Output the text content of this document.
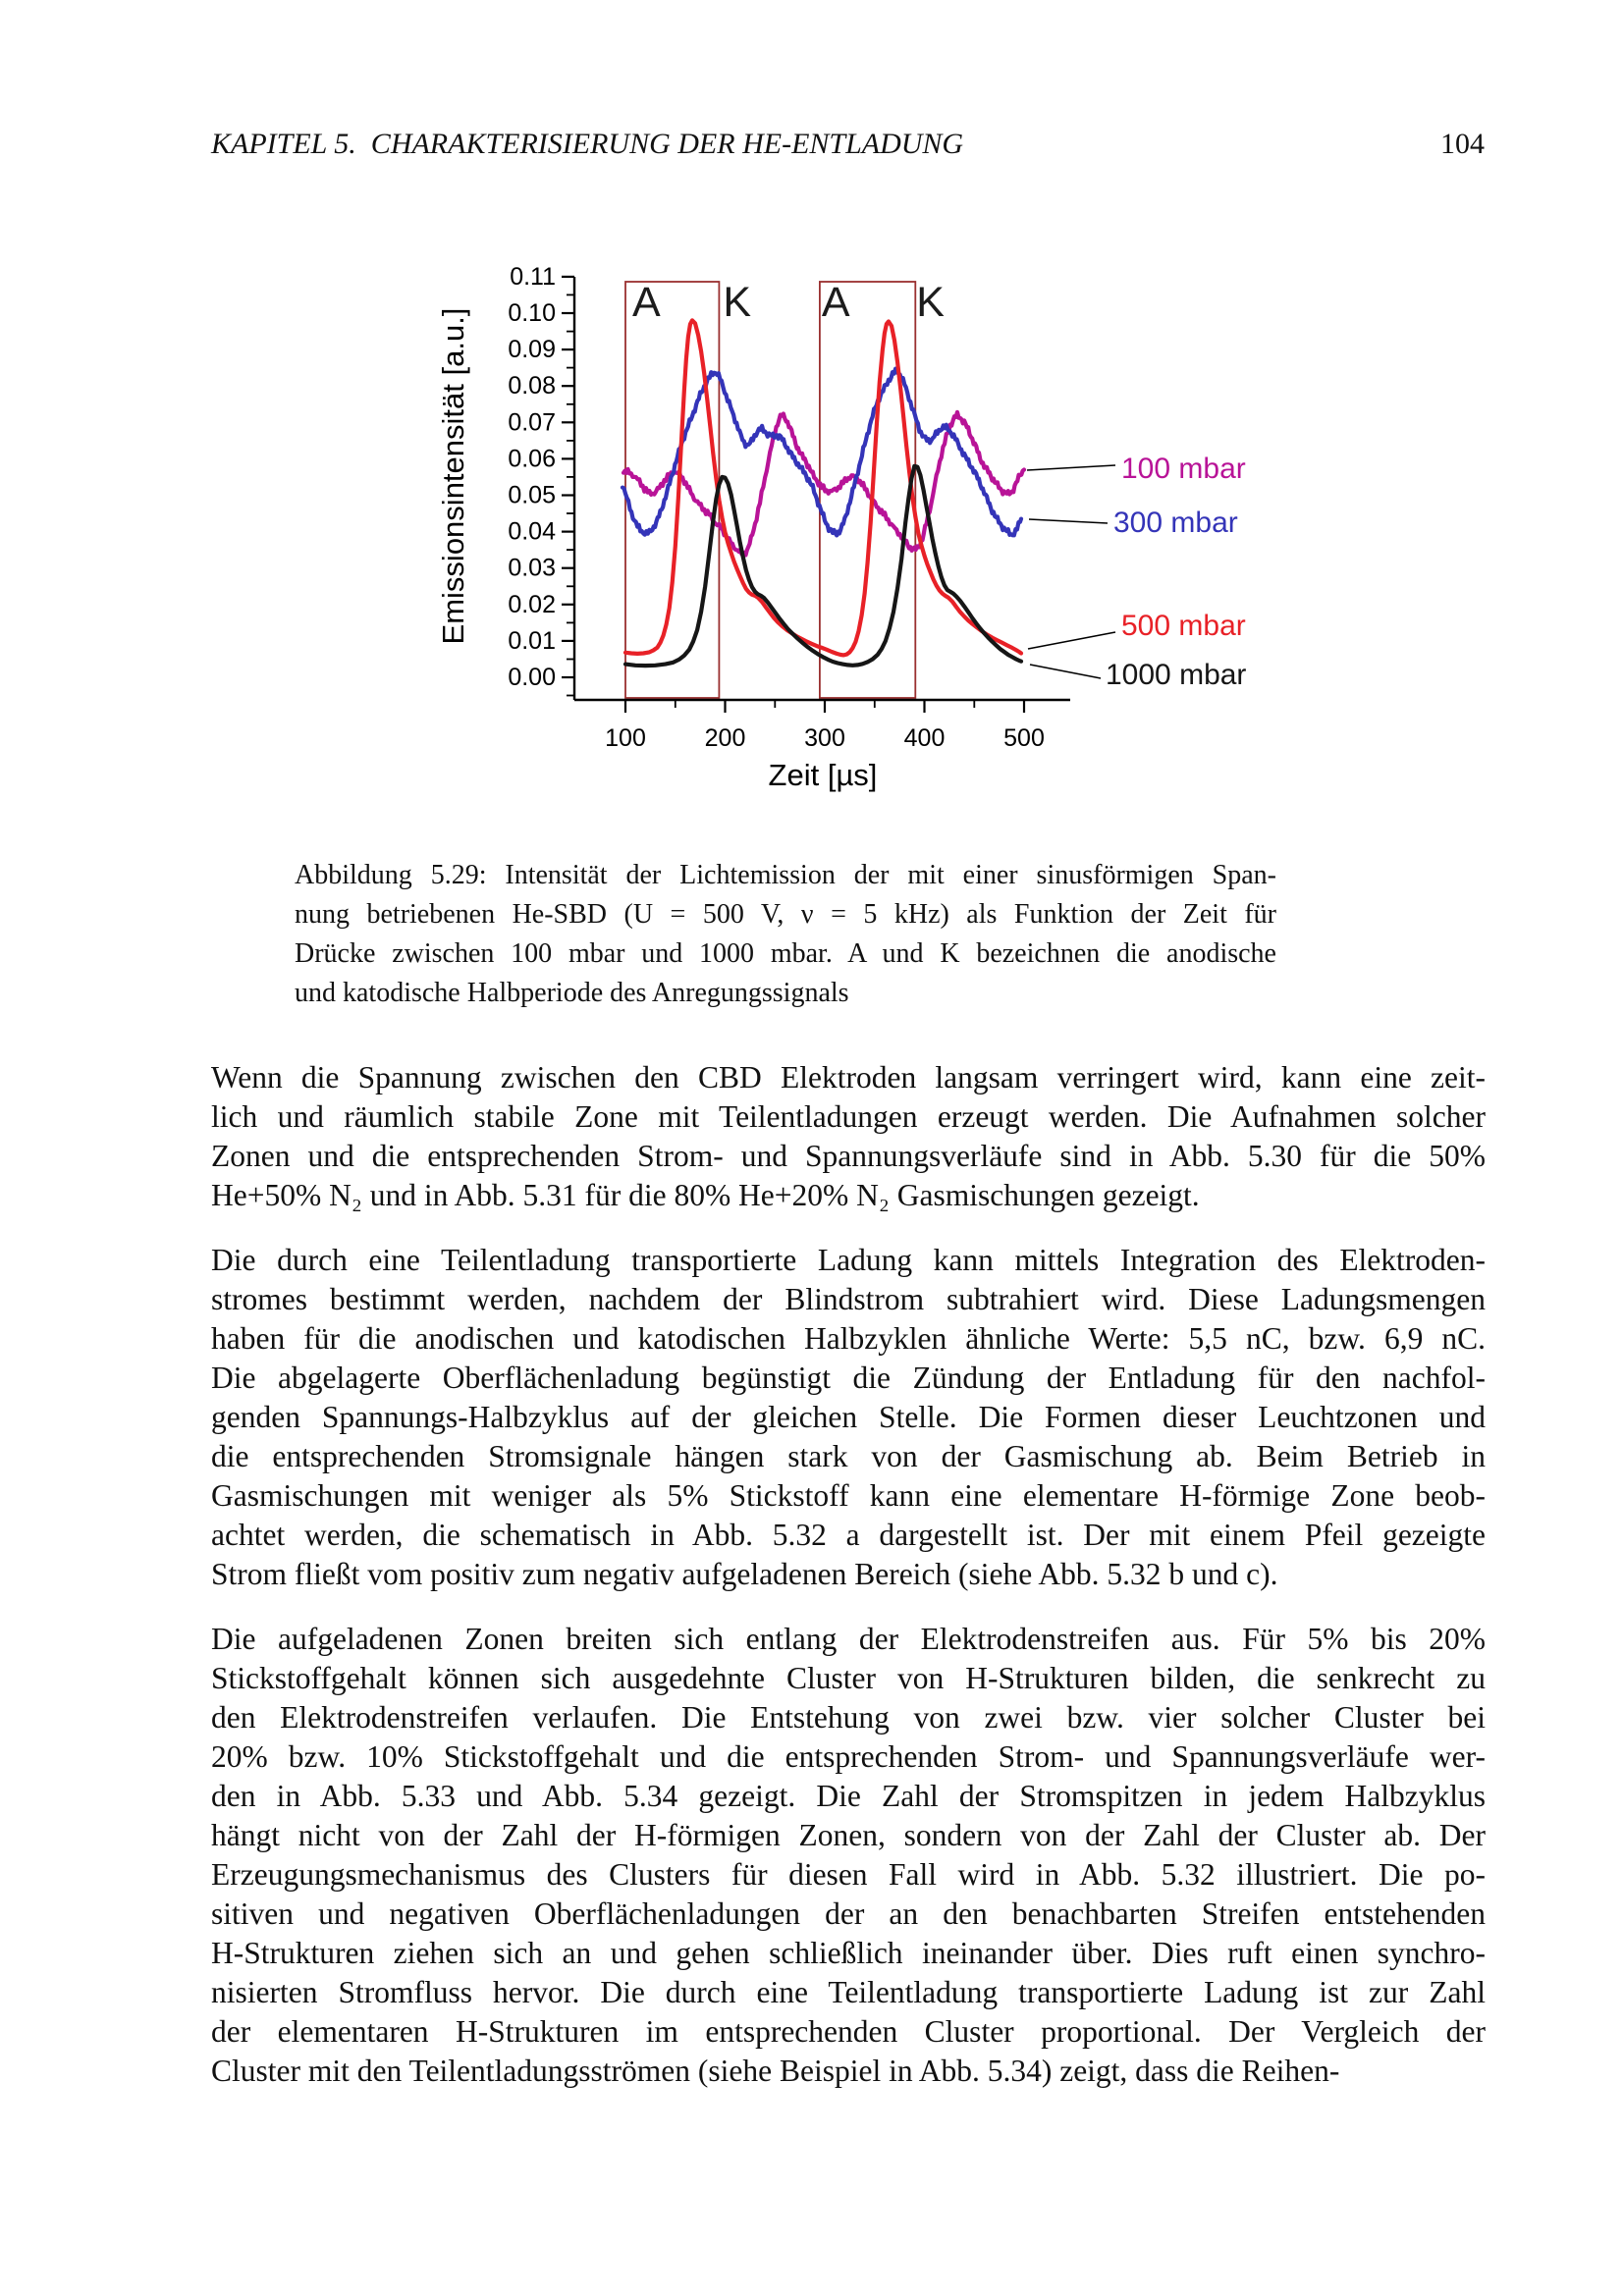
KAPITEL 5.  CHARAKTERISIERUNG DER HE-ENTLADUNG	104
0.00
0.01
0.02
0.03
0.04
0.05
0.06
0.07
0.08
0.09
0.10
0.11
100 200 300 400 500
Zeit [µs]
Emissionsintensität [a.u.]
A K A K
100 mbar
300 mbar
500 mbar
1000 mbar
Abbildung 5.29: Intensität der Lichtemission der mit einer sinusförmigen Span-
nung betriebenen He-SBD (U = 500 V, ν = 5 kHz) als Funktion der Zeit für
Drücke zwischen 100 mbar und 1000 mbar. A und K bezeichnen die anodische
und katodische Halbperiode des Anregungssignals
Wenn die Spannung zwischen den CBD Elektroden langsam verringert wird, kann eine zeit-
lich und räumlich stabile Zone mit Teilentladungen erzeugt werden. Die Aufnahmen solcher
Zonen und die entsprechenden Strom- und Spannungsverläufe sind in Abb. 5.30 für die 50%
He+50% N₂ und in Abb. 5.31 für die 80% He+20% N₂ Gasmischungen gezeigt.
Die durch eine Teilentladung transportierte Ladung kann mittels Integration des Elektroden-
stromes bestimmt werden, nachdem der Blindstrom subtrahiert wird. Diese Ladungsmengen
haben für die anodischen und katodischen Halbzyklen ähnliche Werte: 5,5 nC, bzw. 6,9 nC.
Die abgelagerte Oberflächenladung begünstigt die Zündung der Entladung für den nachfol-
genden Spannungs-Halbzyklus auf der gleichen Stelle. Die Formen dieser Leuchtzonen und
die entsprechenden Stromsignale hängen stark von der Gasmischung ab. Beim Betrieb in
Gasmischungen mit weniger als 5% Stickstoff kann eine elementare H-förmige Zone beob-
achtet werden, die schematisch in Abb. 5.32 a dargestellt ist. Der mit einem Pfeil gezeigte
Strom fließt vom positiv zum negativ aufgeladenen Bereich (siehe Abb. 5.32 b und c).
Die aufgeladenen Zonen breiten sich entlang der Elektrodenstreifen aus. Für 5% bis 20%
Stickstoffgehalt können sich ausgedehnte Cluster von H-Strukturen bilden, die senkrecht zu
den Elektrodenstreifen verlaufen. Die Entstehung von zwei bzw. vier solcher Cluster bei
20% bzw. 10% Stickstoffgehalt und die entsprechenden Strom- und Spannungsverläufe wer-
den in Abb. 5.33 und Abb. 5.34 gezeigt. Die Zahl der Stromspitzen in jedem Halbzyklus
hängt nicht von der Zahl der H-förmigen Zonen, sondern von der Zahl der Cluster ab. Der
Erzeugungsmechanismus des Clusters für diesen Fall wird in Abb. 5.32 illustriert. Die po-
sitiven und negativen Oberflächenladungen der an den benachbarten Streifen entstehenden
H-Strukturen ziehen sich an und gehen schließlich ineinander über. Dies ruft einen synchro-
nisierten Stromfluss hervor. Die durch eine Teilentladung transportierte Ladung ist zur Zahl
der elementaren H-Strukturen im entsprechenden Cluster proportional. Der Vergleich der
Cluster mit den Teilentladungsströmen (siehe Beispiel in Abb. 5.34) zeigt, dass die Reihen-
